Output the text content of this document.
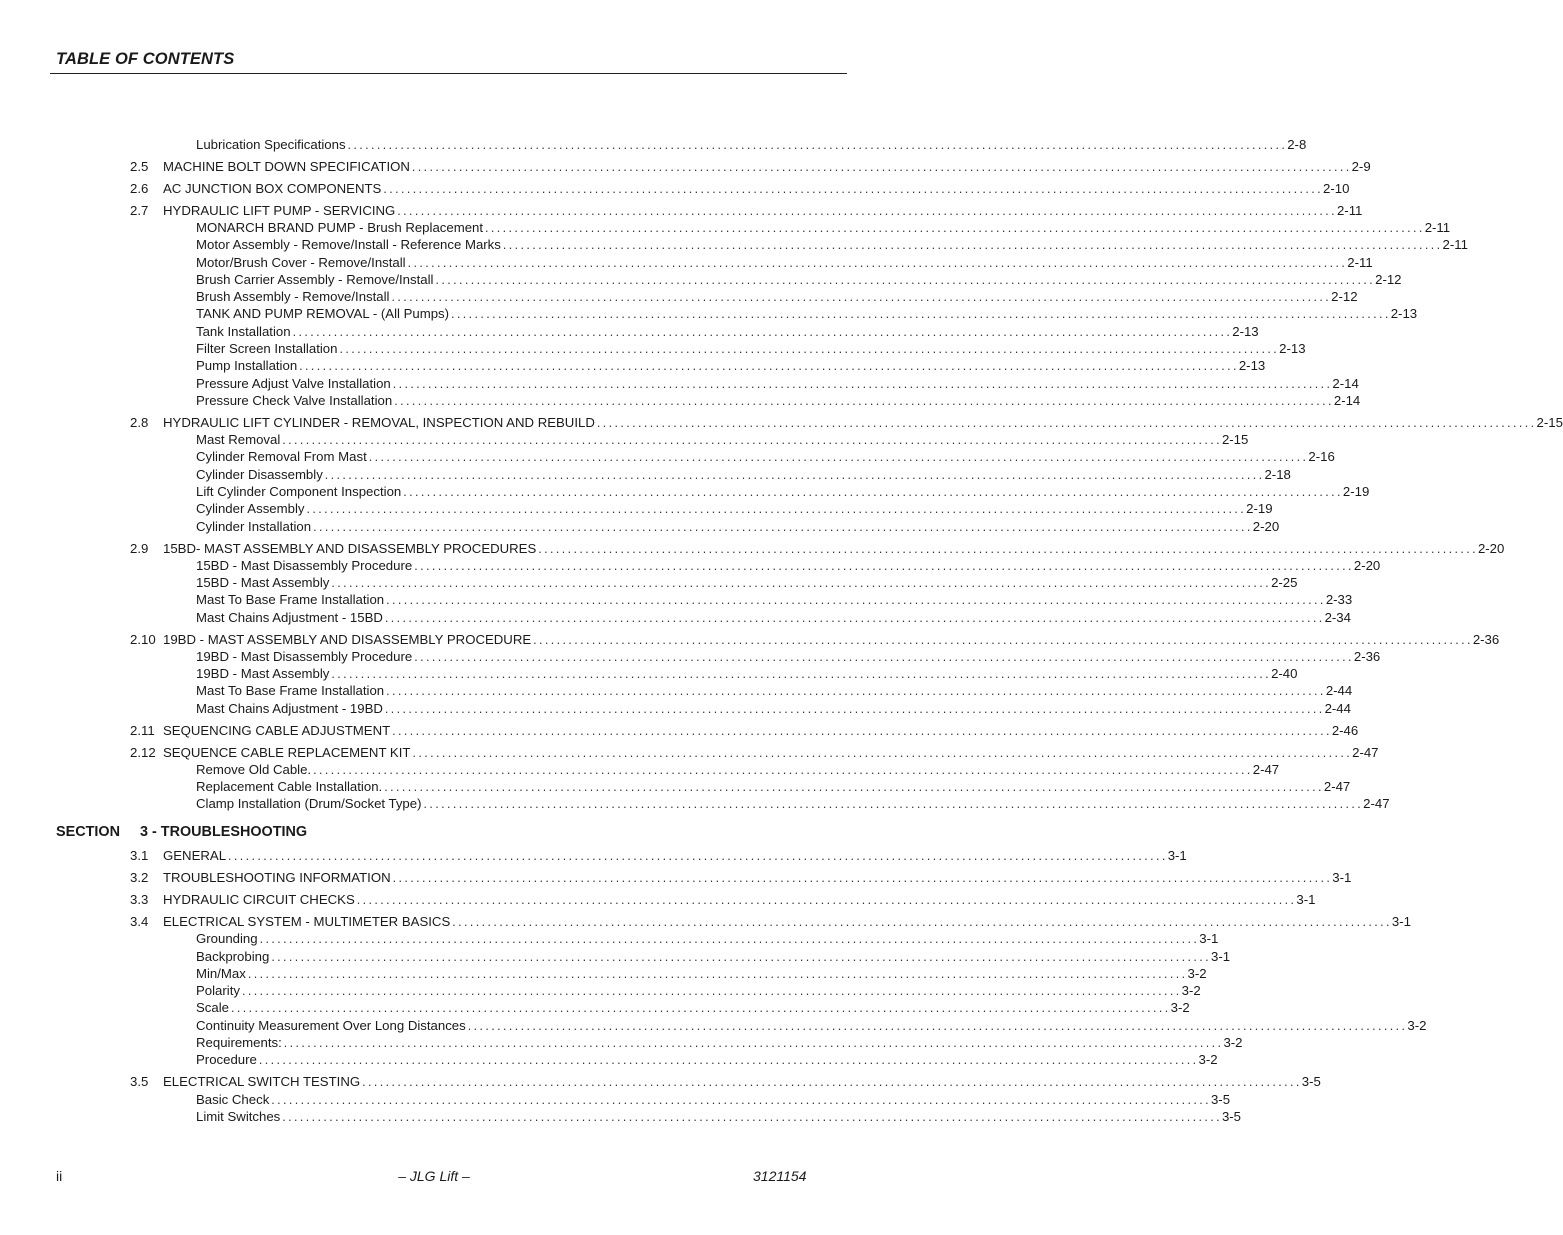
TABLE OF CONTENTS
Lubrication Specifications ................................................................................................................................................................ 2-8
2.5 MACHINE BOLT DOWN SPECIFICATION ................................................................................................................................................................ 2-9
2.6 AC JUNCTION BOX COMPONENTS ................................................................................................................................................................ 2-10
2.7 HYDRAULIC LIFT PUMP - SERVICING ................................................................................................................................................................ 2-11
MONARCH BRAND PUMP - Brush Replacement ................................................................................................................................................................ 2-11
Motor Assembly - Remove/Install - Reference Marks ................................................................................................................................................................ 2-11
Motor/Brush Cover - Remove/Install ................................................................................................................................................................ 2-11
Brush Carrier Assembly - Remove/Install ................................................................................................................................................................ 2-12
Brush Assembly - Remove/Install ................................................................................................................................................................ 2-12
TANK AND PUMP REMOVAL - (All Pumps) ................................................................................................................................................................ 2-13
Tank Installation ................................................................................................................................................................ 2-13
Filter Screen Installation ................................................................................................................................................................ 2-13
Pump Installation ................................................................................................................................................................ 2-13
Pressure Adjust Valve Installation ................................................................................................................................................................ 2-14
Pressure Check Valve Installation ................................................................................................................................................................ 2-14
2.8 HYDRAULIC LIFT CYLINDER - REMOVAL, INSPECTION AND REBUILD ................................................................................................................................................................ 2-15
Mast Removal ................................................................................................................................................................ 2-15
Cylinder Removal From Mast ................................................................................................................................................................ 2-16
Cylinder Disassembly ................................................................................................................................................................ 2-18
Lift Cylinder Component Inspection ................................................................................................................................................................ 2-19
Cylinder Assembly ................................................................................................................................................................ 2-19
Cylinder Installation ................................................................................................................................................................ 2-20
2.9 15BD- MAST ASSEMBLY AND DISASSEMBLY PROCEDURES ................................................................................................................................................................ 2-20
15BD - Mast Disassembly Procedure ................................................................................................................................................................ 2-20
15BD - Mast Assembly ................................................................................................................................................................ 2-25
Mast To Base Frame Installation ................................................................................................................................................................ 2-33
Mast Chains Adjustment - 15BD ................................................................................................................................................................ 2-34
2.10 19BD - MAST ASSEMBLY AND DISASSEMBLY PROCEDURE ................................................................................................................................................................ 2-36
19BD - Mast Disassembly Procedure ................................................................................................................................................................ 2-36
19BD - Mast Assembly ................................................................................................................................................................ 2-40
Mast To Base Frame Installation ................................................................................................................................................................ 2-44
Mast Chains Adjustment - 19BD ................................................................................................................................................................ 2-44
2.11 SEQUENCING CABLE ADJUSTMENT ................................................................................................................................................................ 2-46
2.12 SEQUENCE CABLE REPLACEMENT KIT ................................................................................................................................................................ 2-47
Remove Old Cable. ................................................................................................................................................................ 2-47
Replacement Cable Installation. ................................................................................................................................................................ 2-47
Clamp Installation (Drum/Socket Type) ................................................................................................................................................................ 2-47
SECTION 3 - TROUBLESHOOTING
3.1 GENERAL ................................................................................................................................................................ 3-1
3.2 TROUBLESHOOTING INFORMATION ................................................................................................................................................................ 3-1
3.3 HYDRAULIC CIRCUIT CHECKS ................................................................................................................................................................ 3-1
3.4 ELECTRICAL SYSTEM - MULTIMETER BASICS ................................................................................................................................................................ 3-1
Grounding ................................................................................................................................................................ 3-1
Backprobing ................................................................................................................................................................ 3-1
Min/Max ................................................................................................................................................................ 3-2
Polarity ................................................................................................................................................................ 3-2
Scale ................................................................................................................................................................ 3-2
Continuity Measurement Over Long Distances ................................................................................................................................................................ 3-2
Requirements: ................................................................................................................................................................ 3-2
Procedure ................................................................................................................................................................ 3-2
3.5 ELECTRICAL SWITCH TESTING ................................................................................................................................................................ 3-5
Basic Check ................................................................................................................................................................ 3-5
Limit Switches ................................................................................................................................................................ 3-5
ii	– JLG Lift –	3121154
